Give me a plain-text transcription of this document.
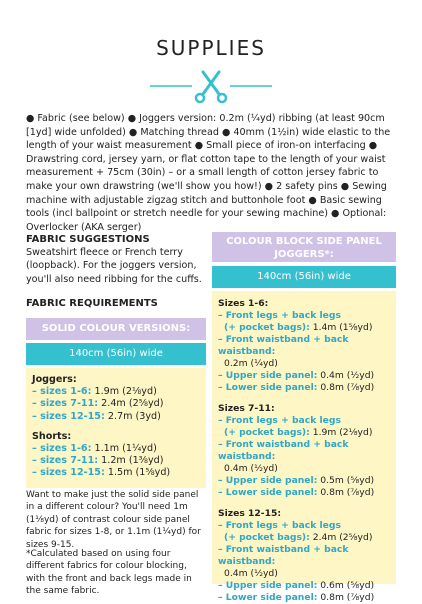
SUPPLIES
● Fabric (see below) ● Joggers version: 0.2m (¼yd) ribbing (at least 90cm [1yd] wide unfolded) ● Matching thread ● 40mm (1½in) wide elastic to the length of your waist measurement ● Small piece of iron-on interfacing ● Drawstring cord, jersey yarn, or flat cotton tape to the length of your waist measurement + 75cm (30in) – or a small length of cotton jersey fabric to make your own drawstring (we'll show you how!) ● 2 safety pins ● Sewing machine with adjustable zigzag stitch and buttonhole foot ● Basic sewing tools (incl ballpoint or stretch needle for your sewing machine) ● Optional: Overlocker (AKA serger)
FABRIC SUGGESTIONS
Sweatshirt fleece or French terry (loopback). For the joggers version, you'll also need ribbing for the cuffs.
FABRIC REQUIREMENTS
SOLID COLOUR VERSIONS:
140cm (56in) wide
Joggers:
– sizes 1-6: 1.9m (2⅛yd)
– sizes 7-11: 2.4m (2⅝yd)
– sizes 12-15: 2.7m (3yd)
Shorts:
– sizes 1-6: 1.1m (1¼yd)
– sizes 7-11: 1.2m (1⅜yd)
– sizes 12-15: 1.5m (1⅝yd)
Want to make just the solid side panel in a different colour? You'll need 1m (1⅛yd) of contrast colour side panel fabric for sizes 1-8, or 1.1m (1¼yd) for sizes 9-15.
*Calculated based on using four different fabrics for colour blocking, with the front and back legs made in the same fabric.
COLOUR BLOCK SIDE PANEL JOGGERS*:
140cm (56in) wide
Sizes 1-6:
– Front legs + back legs
(+ pocket bags): 1.4m (1⅝yd)
– Front waistband + back waistband:
0.2m (¼yd)
– Upper side panel: 0.4m (½yd)
– Lower side panel: 0.8m (⅞yd)
Sizes 7-11:
– Front legs + back legs
(+ pocket bags): 1.9m (2⅛yd)
– Front waistband + back waistband:
0.4m (½yd)
– Upper side panel: 0.5m (⅝yd)
– Lower side panel: 0.8m (⅞yd)
Sizes 12-15:
– Front legs + back legs
(+ pocket bags): 2.4m (2⅝yd)
– Front waistband + back waistband:
0.4m (½yd)
– Upper side panel: 0.6m (⅝yd)
– Lower side panel: 0.8m (⅞yd)
